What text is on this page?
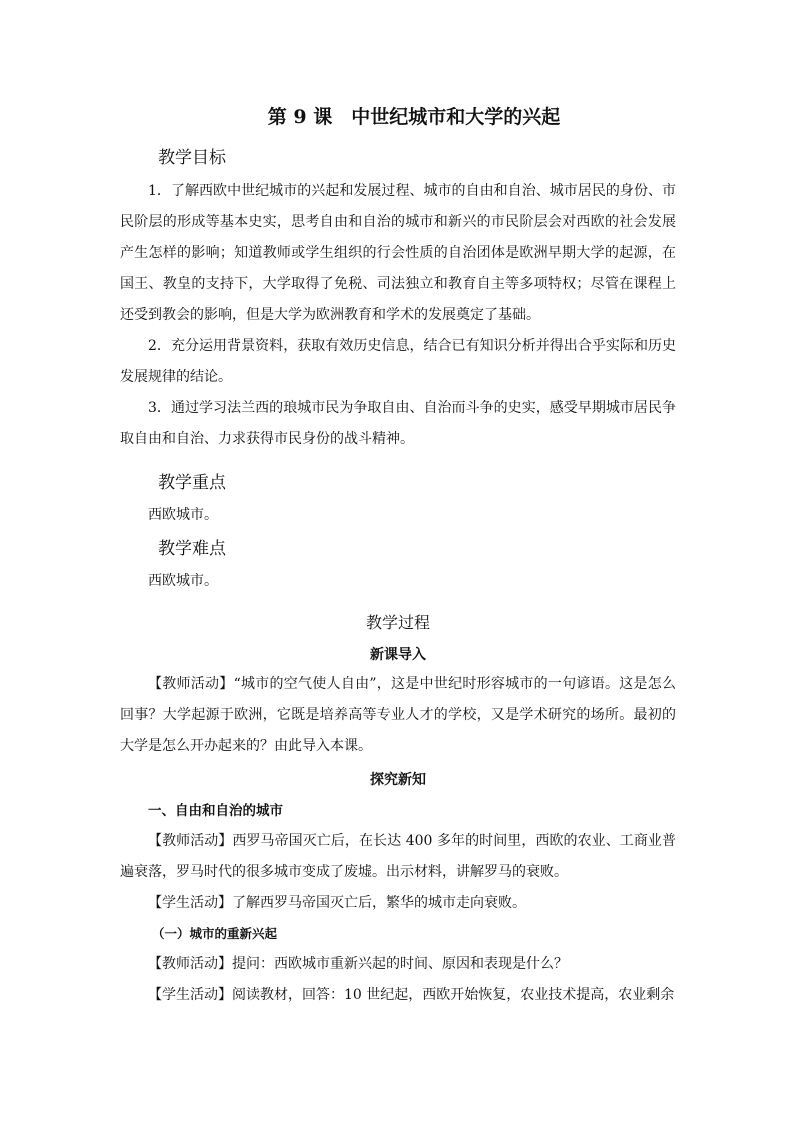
第 9 课　中世纪城市和大学的兴起
教学目标

1．了解西欧中世纪城市的兴起和发展过程、城市的自由和自治、城市居民的身份、市民阶层的形成等基本史实，思考自由和自治的城市和新兴的市民阶层会对西欧的社会发展产生怎样的影响；知道教师或学生组织的行会性质的自治团体是欧洲早期大学的起源，在国王、教皇的支持下，大学取得了免税、司法独立和教育自主等多项特权；尽管在课程上还受到教会的影响，但是大学为欧洲教育和学术的发展奠定了基础。

2．充分运用背景资料，获取有效历史信息，结合已有知识分析并得出合乎实际和历史发展规律的结论。

3．通过学习法兰西的琅城市民为争取自由、自治而斗争的史实，感受早期城市居民争取自由和自治、力求获得市民身份的战斗精神。

教学重点
西欧城市。
教学难点
西欧城市。
教学过程
新课导入

【教师活动】“城市的空气使人自由”，这是中世纪时形容城市的一句谚语。这是怎么回事？大学起源于欧洲，它既是培养高等专业人才的学校，又是学术研究的场所。最初的大学是怎么开办起来的？由此导入本课。

探究新知
一、自由和自治的城市

【教师活动】西罗马帝国灭亡后，在长达 400 多年的时间里，西欧的农业、工商业普遍衰落，罗马时代的很多城市变成了废墟。出示材料，讲解罗马的衰败。

【学生活动】了解西罗马帝国灭亡后，繁华的城市走向衰败。

（一）城市的重新兴起

【教师活动】提问：西欧城市重新兴起的时间、原因和表现是什么？

【学生活动】阅读教材，回答：10 世纪起，西欧开始恢复，农业技术提高，农业剩余
